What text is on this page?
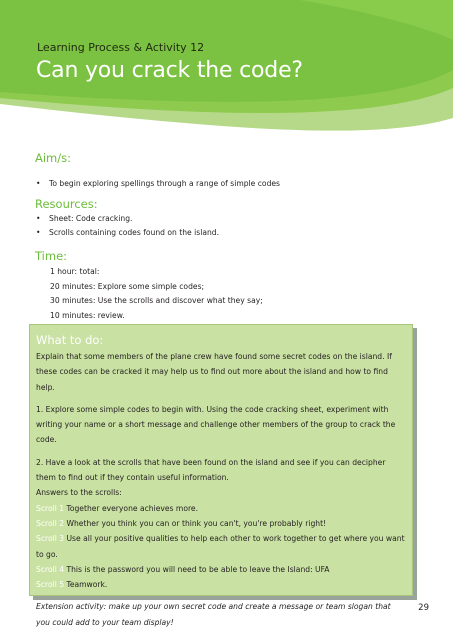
Learning Process & Activity 12
Can you crack the code?
Aim/s:
• To begin exploring spellings through a range of simple codes
Resources:
• Sheet: Code cracking.
• Scrolls containing codes found on the island.
Time:
1 hour: total:
20 minutes: Explore some simple codes;
30 minutes: Use the scrolls and discover what they say;
10 minutes: review.
What to do:

Explain that some members of the plane crew have found some secret codes on the island. If these codes can be cracked it may help us to find out more about the island and how to find help.

1. Explore some simple codes to begin with. Using the code cracking sheet, experiment with writing your name or a short message and challenge other members of the group to crack the code.

2. Have a look at the scrolls that have been found on the island and see if you can decipher them to find out if they contain useful information.

Answers to the scrolls:

Scroll 1 Together everyone achieves more.
Scroll 2 Whether you think you can or think you can't, you're probably right!
Scroll 3 Use all your positive qualities to help each other to work together to get where you want to go.
Scroll 4 This is the password you will need to be able to leave the Island: UFA
Scroll 5 Teamwork.

Extension activity: make up your own secret code and create a message or team slogan that you could add to your team display!

29
